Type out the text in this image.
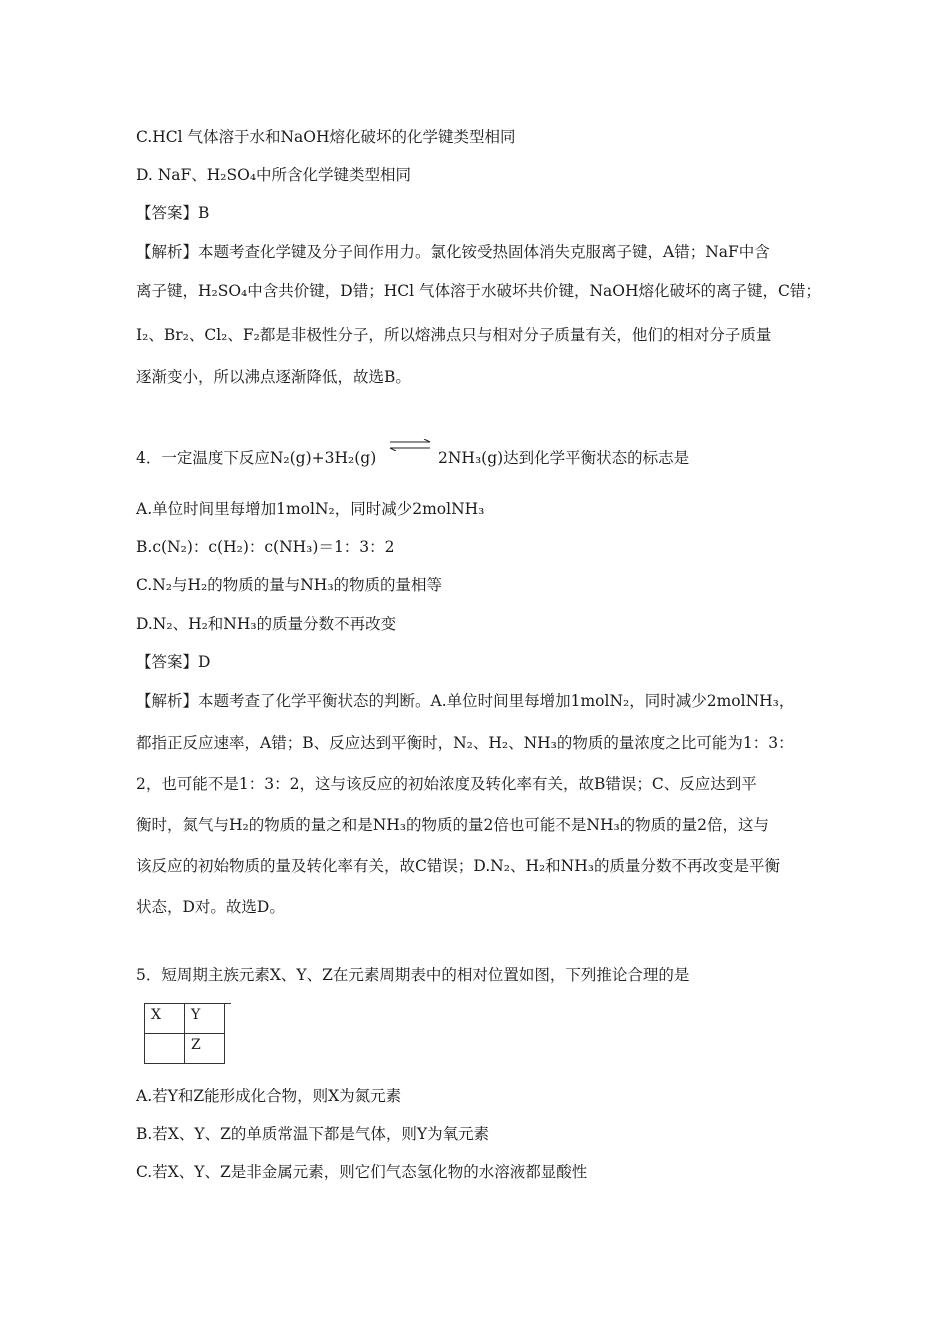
C.HCl 气体溶于水和NaOH熔化破坏的化学键类型相同
D. NaF、H₂SO₄中所含化学键类型相同
【答案】B
【解析】本题考查化学键及分子间作用力。氯化铵受热固体消失克服离子键，A错；NaF中含
离子键，H₂SO₄中含共价键，D错；HCl 气体溶于水破坏共价键，NaOH熔化破坏的离子键，C错；
I₂、Br₂、Cl₂、F₂都是非极性分子，所以熔沸点只与相对分子质量有关，他们的相对分子质量
逐渐变小，所以沸点逐渐降低，故选B。
4．一定温度下反应N₂(g)+3H₂(g)	2NH₃(g)达到化学平衡状态的标志是
A.单位时间里每增加1molN₂，同时减少2molNH₃
B.c(N₂)：c(H₂)：c(NH₃)＝1：3：2
C.N₂与H₂的物质的量与NH₃的物质的量相等
D.N₂、H₂和NH₃的质量分数不再改变
【答案】D
【解析】本题考查了化学平衡状态的判断。A.单位时间里每增加1molN₂，同时减少2molNH₃，
都指正反应速率，A错；B、反应达到平衡时，N₂、H₂、NH₃的物质的量浓度之比可能为1：3：
2，也可能不是1：3：2，这与该反应的初始浓度及转化率有关，故B错误；C、反应达到平
衡时，氮气与H₂的物质的量之和是NH₃的物质的量2倍也可能不是NH₃的物质的量2倍，这与
该反应的初始物质的量及转化率有关，故C错误；D.N₂、H₂和NH₃的质量分数不再改变是平衡
状态，D对。故选D。
5．短周期主族元素X、Y、Z在元素周期表中的相对位置如图，下列推论合理的是
X	Y	
	Z	
A.若Y和Z能形成化合物，则X为氮元素
B.若X、Y、Z的单质常温下都是气体，则Y为氧元素
C.若X、Y、Z是非金属元素，则它们气态氢化物的水溶液都显酸性
